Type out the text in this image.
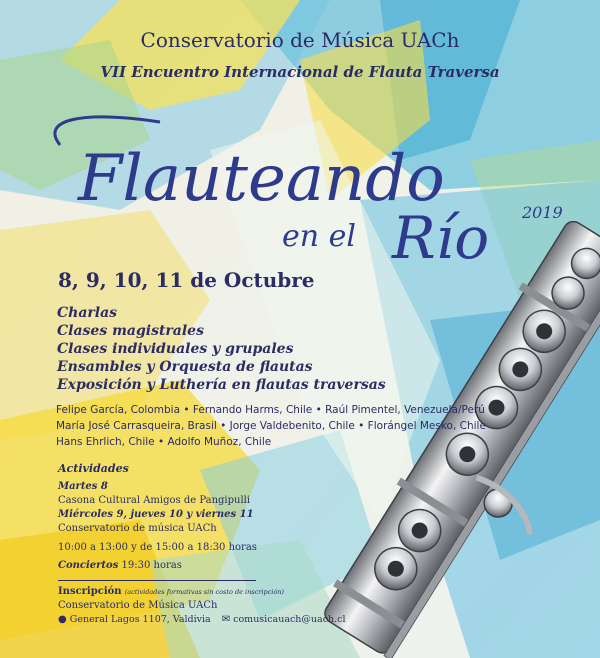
Conservatorio de Música UACh
VII Encuentro Internacional de Flauta Traversa
Flauteando
en el Río 2019
8, 9, 10, 11 de Octubre
Charlas
Clases magistrales
Clases individuales y grupales
Ensambles y Orquesta de flautas
Exposición y Luthería en flautas traversas
Felipe García, Colombia • Fernando Harms, Chile • Raúl Pimentel, Venezuela/Perú
María José Carrasqueira, Brasil • Jorge Valdebenito, Chile • Florángel Mesko, Chile
Hans Ehrlich, Chile • Adolfo Muñoz, Chile
Actividades
Martes 8
Casona Cultural Amigos de Pangipulli
Miércoles 9, jueves 10 y viernes 11
Conservatorio de música UACh
10:00 a 13:00 y de 15:00 a 18:30 horas
Conciertos 19:30 horas
Inscripción (actividades formativas sin costo de inscripción)
Conservatorio de Música UACh
● General Lagos 1107, Valdivia ✉ comusicauach@uach.cl
